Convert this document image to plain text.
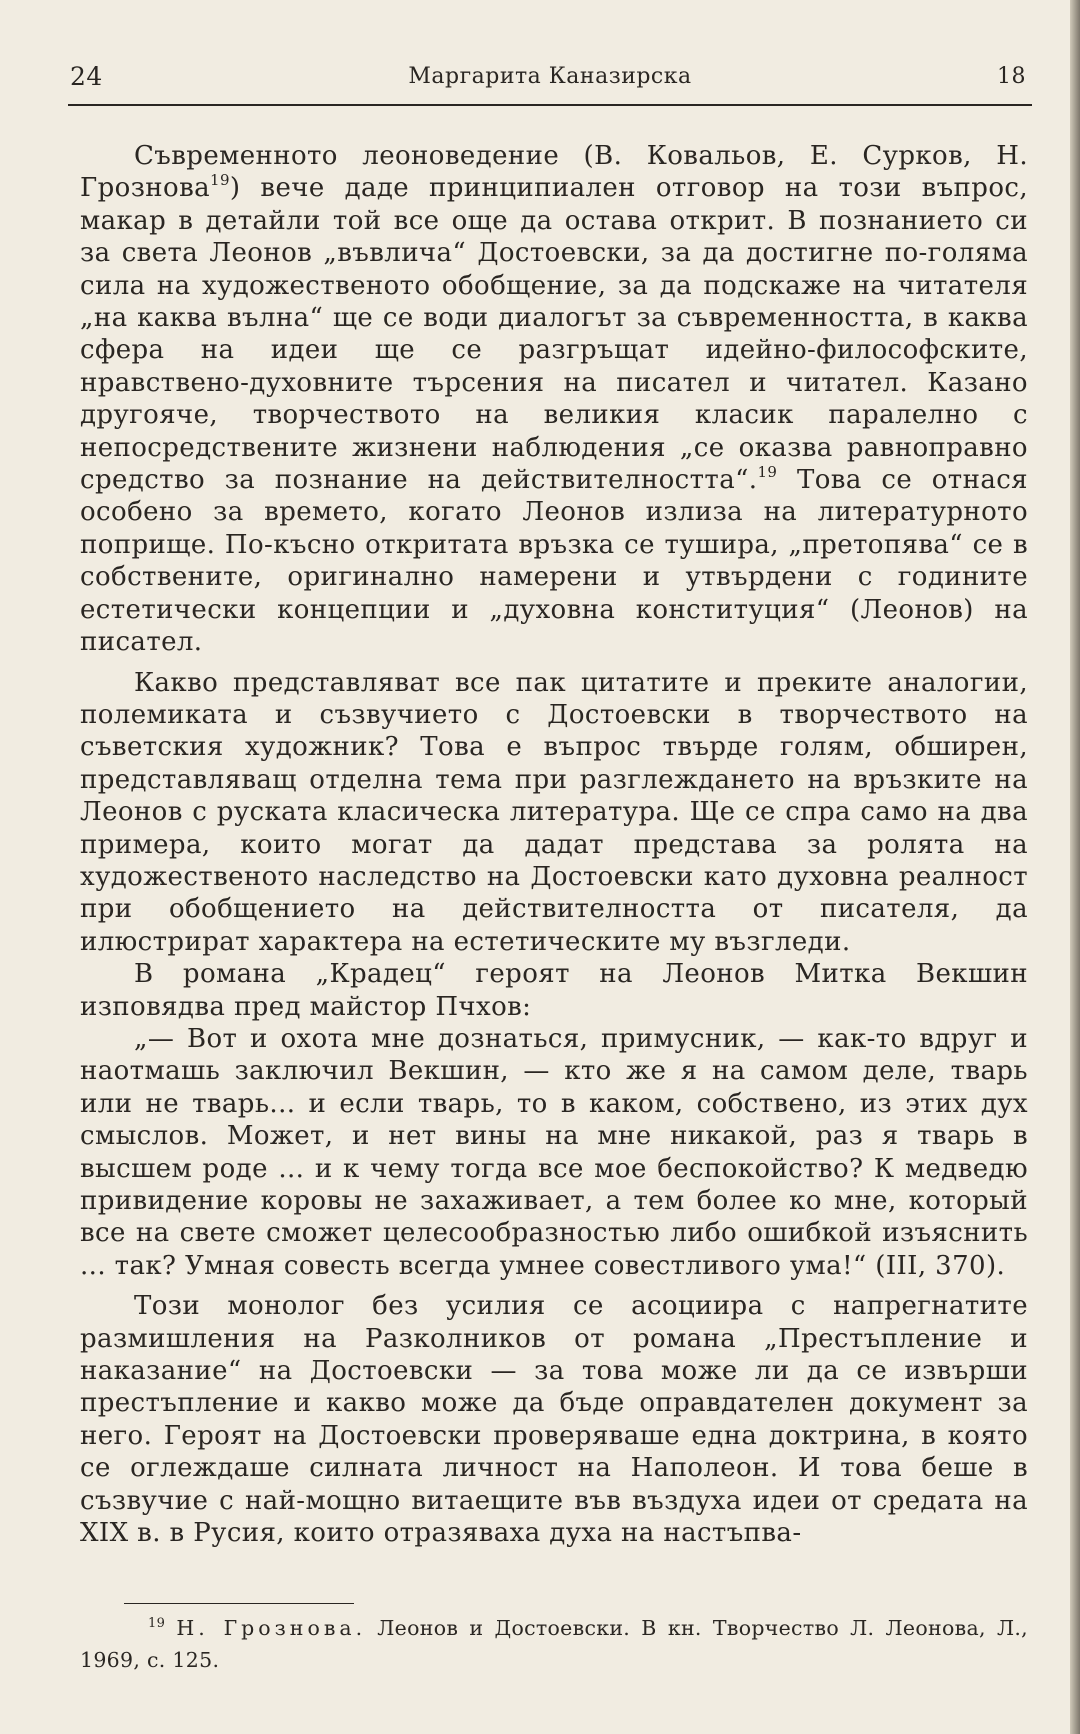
24	Маргарита Каназирска	18

Съвременното леоноведение (В. Ковальов, Е. Сурков, Н. Грознова$^{19}$) вече даде принципиален отговор на този въпрос, макар в детайли той все още да остава открит. В познанието си за света Леонов „въвлича“ Достоевски, за да достигне по-голяма сила на художественото обобщение, за да подскаже на читателя „на каква вълна“ ще се води диалогът за съвременността, в каква сфера на идеи ще се разгръщат идейно-философските, нравствено-духовните търсения на писател и читател. Казано другояче, творчеството на великия класик паралелно с непосредствените жизнени наблюдения „се оказва равноправно средство за познание на действителността“.$^{19}$ Това се отнася особено за времето, когато Леонов излиза на литературното поприще. По-късно откритата връзка се тушира, „претопява“ се в собствените, оригинално намерени и утвърдени с годините естетически концепции и „духовна конституция“ (Леонов) на писател.

Какво представляват все пак цитатите и преките аналогии, полемиката и съзвучието с Достоевски в творчеството на съветския художник? Това е въпрос твърде голям, обширен, представляващ отделна тема при разглеждането на връзките на Леонов с руската класическа литература. Ще се спра само на два примера, които могат да дадат представа за ролята на художественото наследство на Достоевски като духовна реалност при обобщението на действителността от писателя, да илюстрират характера на естетическите му възгледи.

В романа „Крадец“ героят на Леонов Митка Векшин изповядва пред майстор Пчхов:

„— Вот и охота мне дознаться, примусник, — как-то вдруг и наотмашь заключил Векшин, — кто же я на самом деле, тварь или не тварь... и если тварь, то в каком, собствено, из этих дух смыслов. Может, и нет вины на мне никакой, раз я тварь в высшем роде ... и к чему тогда все мое беспокойство? К медведю привидение коровы не захаживает, а тем более ко мне, который все на свете сможет целесообразностью либо ошибкой изъяснить ... так? Умная совесть всегда умнее совестливого ума!“ (III, 370).

Този монолог без усилия се асоциира с напрегнатите размишления на Разколников от романа „Престъпление и наказание“ на Достоевски — за това може ли да се извърши престъпление и какво може да бъде оправдателен документ за него. Героят на Достоевски проверяваше една доктрина, в която се оглеждаше силната личност на Наполеон. И това беше в съзвучие с най-мощно витаещите във въздуха идеи от средата на XIX в. в Русия, които отразяваха духа на настъпва-

$^{19}$ Н. Грознова. Леонов и Достоевски. В кн. Творчество Л. Леонова, Л., 1969, с. 125.
